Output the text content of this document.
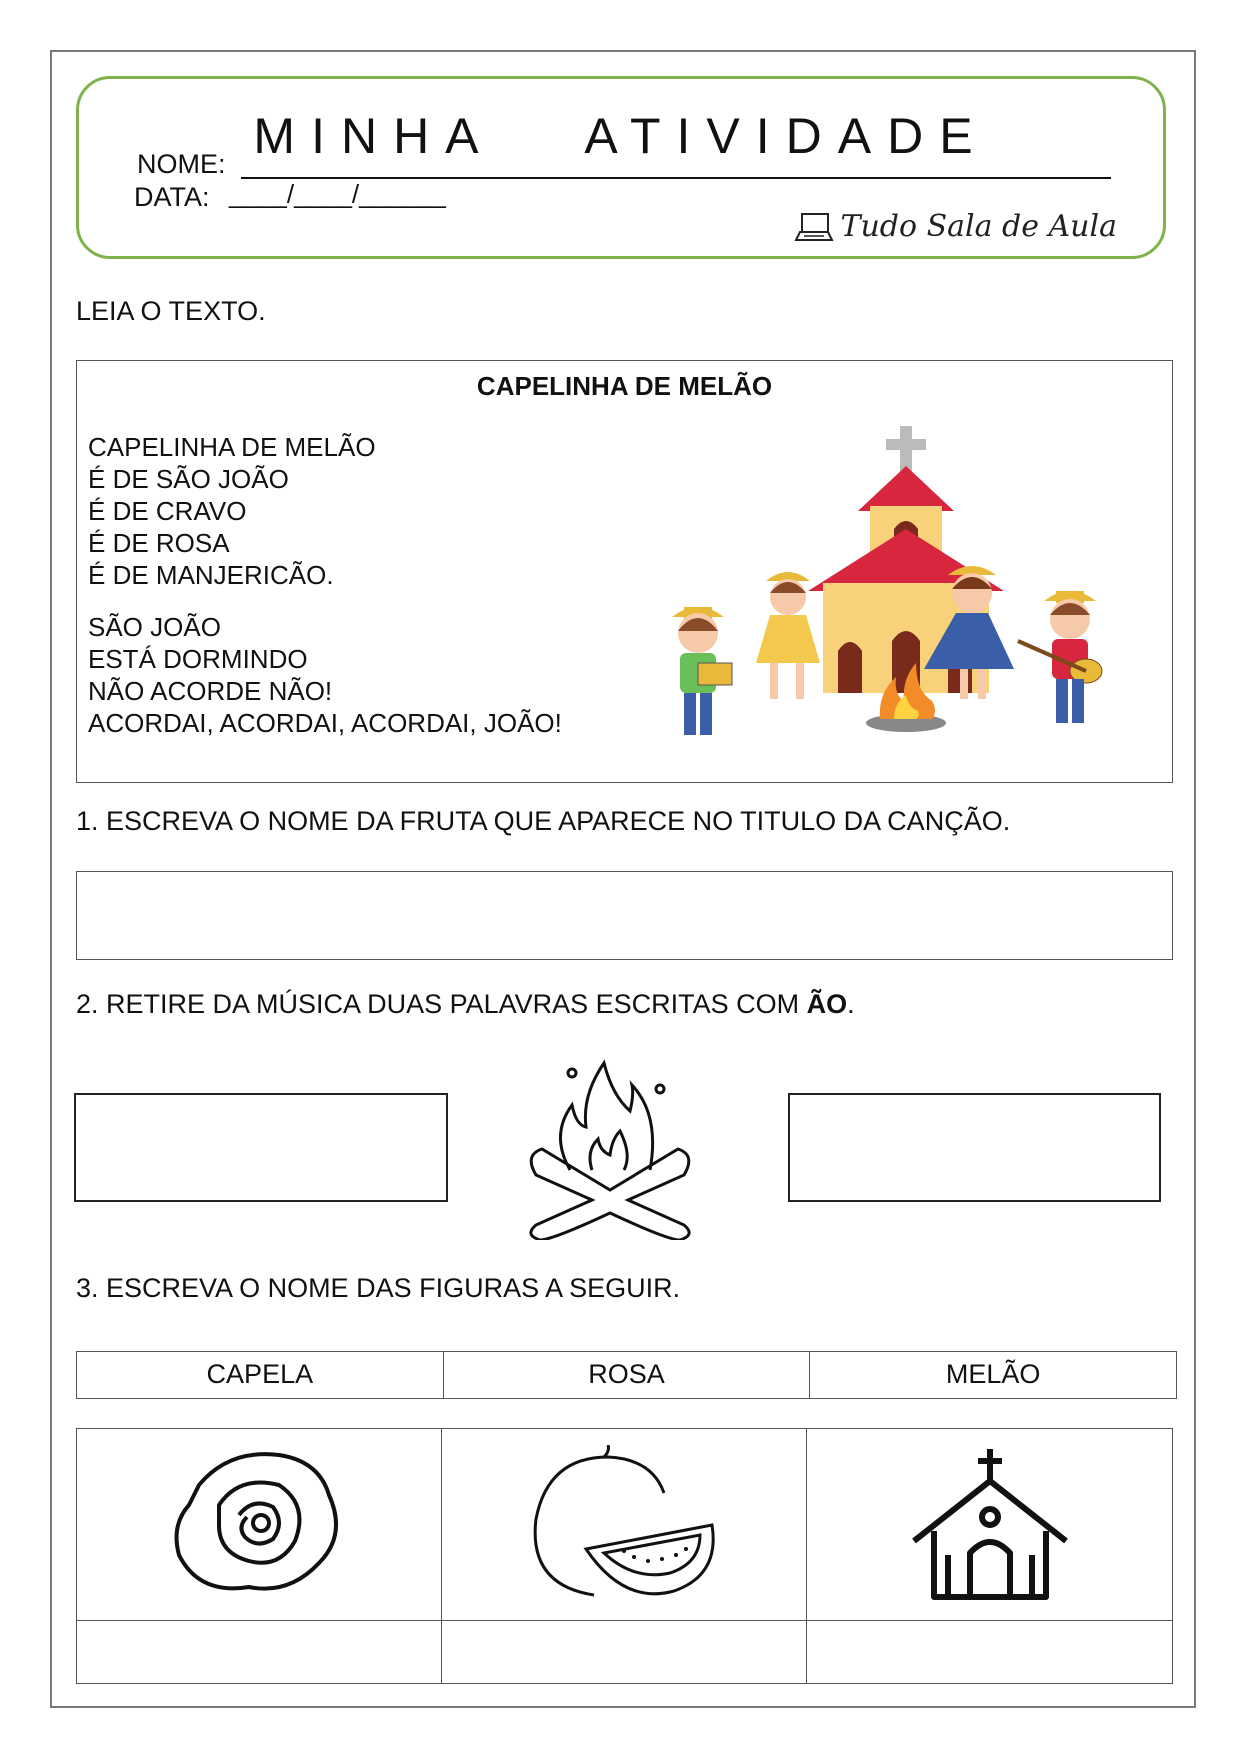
MINHA ATIVIDADE
NOME:
DATA: ____/____/______
Tudo Sala de Aula
LEIA O TEXTO.
CAPELINHA DE MELÃO
CAPELINHA DE MELÃO
É DE SÃO JOÃO
É DE CRAVO
É DE ROSA
É DE MANJERICÃO.
SÃO JOÃO
ESTÁ DORMINDO
NÃO ACORDE NÃO!
ACORDAI, ACORDAI, ACORDAI, JOÃO!
1. ESCREVA O NOME DA FRUTA QUE APARECE NO TITULO DA CANÇÃO.
2. RETIRE DA MÚSICA DUAS PALAVRAS ESCRITAS COM ÃO.
3. ESCREVA O NOME DAS FIGURAS A SEGUIR.
CAPELA	ROSA	MELÃO
